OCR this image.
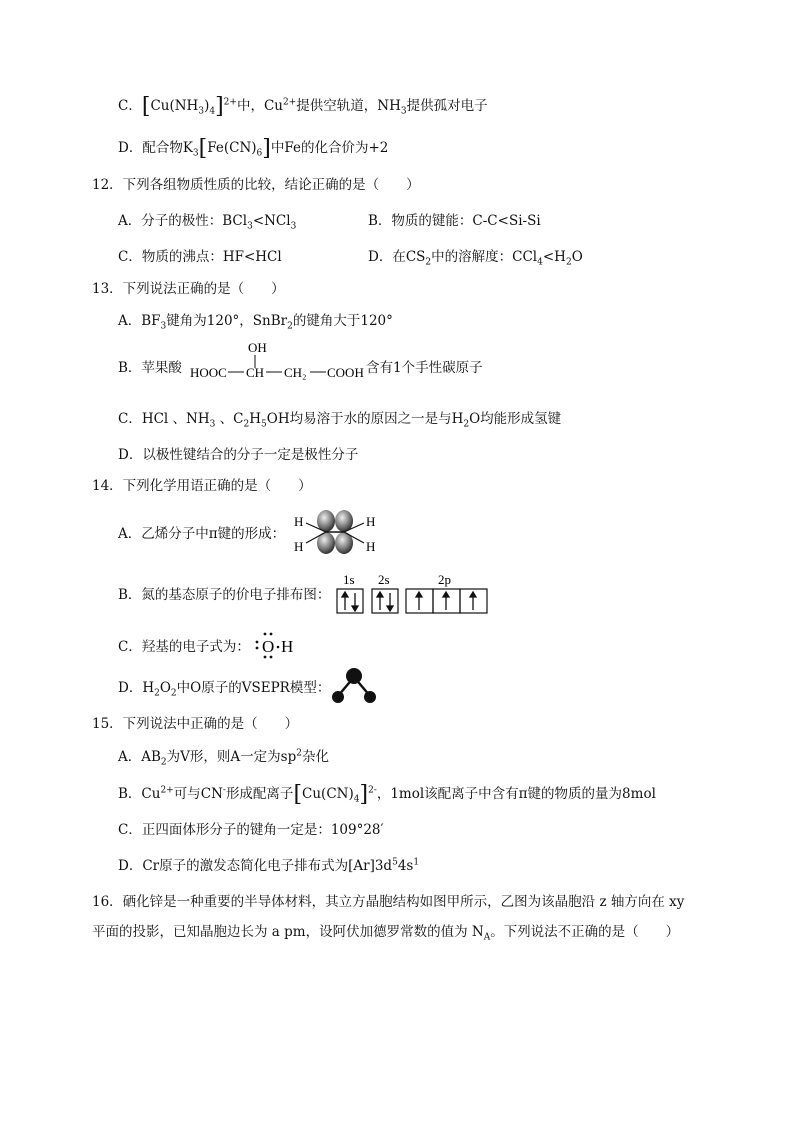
C．$[Cu(NH_3)_4]^{2+}$中，$Cu^{2+}$提供空轨道，$NH_3$提供孤对电子
D．配合物$K_3[Fe(CN)_6]$中Fe的化合价为+2
12．下列各组物质性质的比较，结论正确的是（　　）
A．分子的极性：BCl$_3$<NCl$_3$	B．物质的键能：C-C<Si-Si
C．物质的沸点：HF<HCl	D．在$CS_2$中的溶解度：$CCl_4<H_2O$
13．下列说法正确的是（　　）
A．$BF_3$键角为120°，SnBr$_2$的键角大于120°
B．苹果酸
OH
HOOC CH CH₂ COOH 含有1个手性碳原子
C．HCl 、$NH_3$ 、$C_2H_5OH$均易溶于水的原因之一是与$H_2O$均能形成氢键
D．以极性键结合的分子一定是极性分子
14．下列化学用语正确的是（　　）
A．乙烯分子中π键的形成：
H
H
H
H
B．氮的基态原子的价电子排布图：
1s 2s	2p
C．羟基的电子式为： O H
D．$H_2O_2$中O原子的VSEPR模型：
15．下列说法中正确的是（　　）
A．$AB_2$为V形，则A一定为$sp^2$杂化
B．$Cu^{2+}$可与CN-形成配离子$[Cu(CN)_4]^{2-}$，1mol该配离子中含有π键的物质的量为8mol
C．正四面体形分子的键角一定是：109°28′
D．Cr原子的激发态简化电子排布式为$[Ar]3d^54s^1$
16．硒化锌是一种重要的半导体材料，其立方晶胞结构如图甲所示，乙图为该晶胞沿 z 轴方向在 xy
平面的投影，已知晶胞边长为 a pm，设阿伏加德罗常数的值为 $N_A$。下列说法不正确的是（　　）
